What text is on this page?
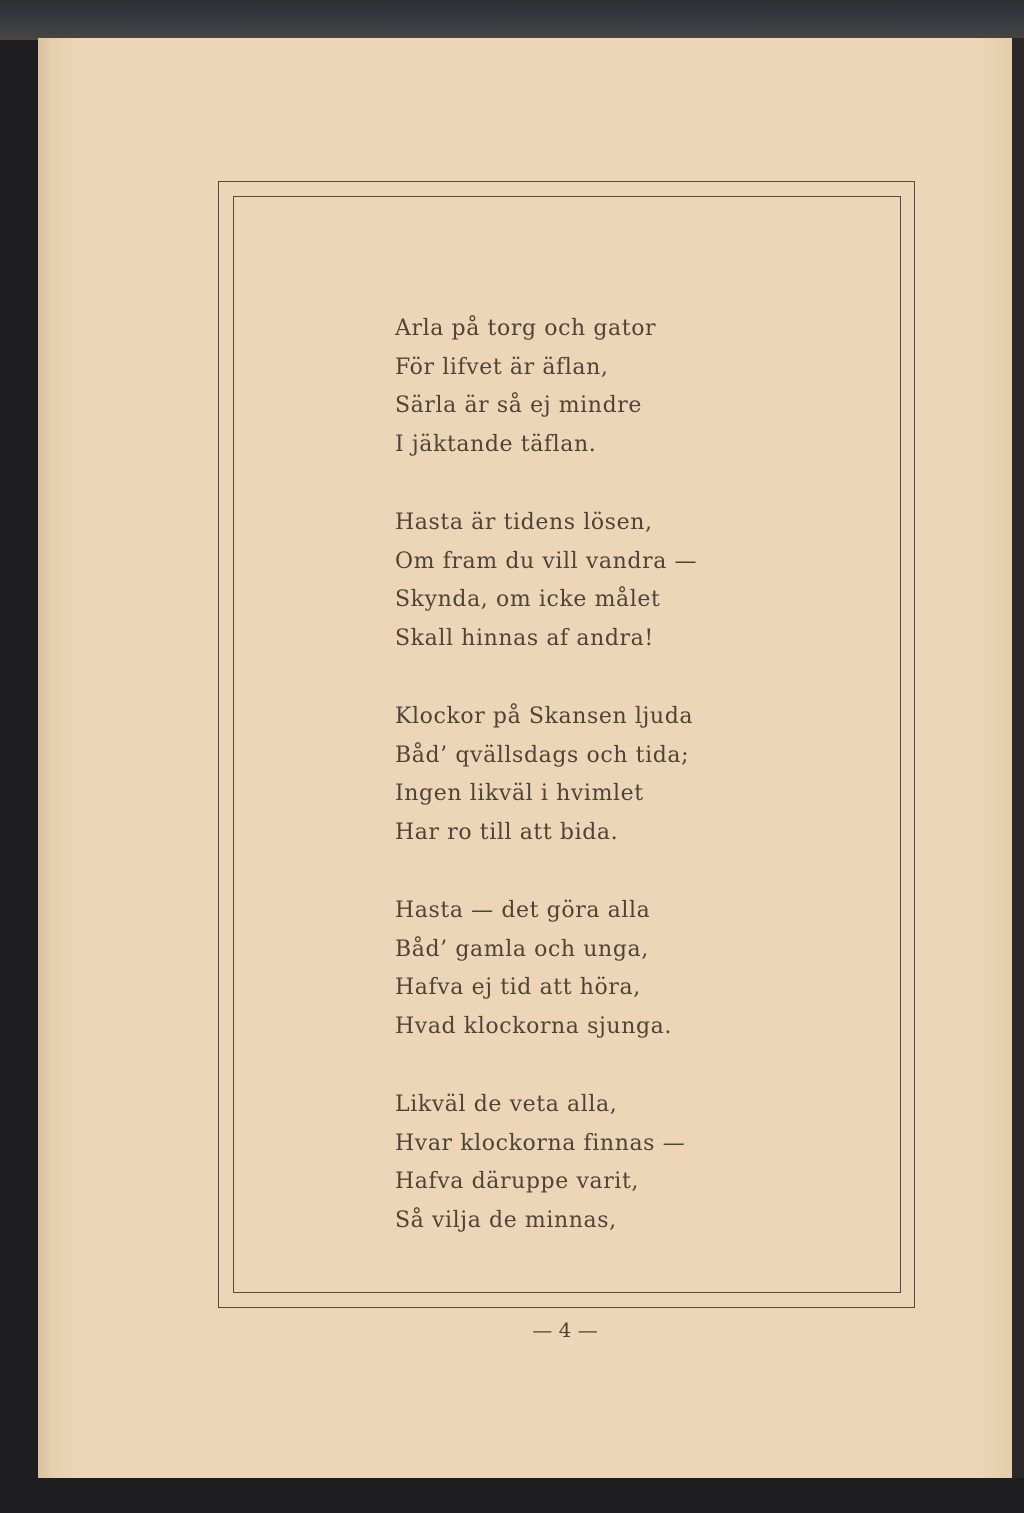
Arla på torg och gator
För lifvet är äflan,
Särla är så ej mindre
I jäktande täflan.
Hasta är tidens lösen,
Om fram du vill vandra —
Skynda, om icke målet
Skall hinnas af andra!
Klockor på Skansen ljuda
Båd’ qvällsdags och tida;
Ingen likväl i hvimlet
Har ro till att bida.
Hasta — det göra alla
Båd’ gamla och unga,
Hafva ej tid att höra,
Hvad klockorna sjunga.
Likväl de veta alla,
Hvar klockorna finnas —
Hafva däruppe varit,
Så vilja de minnas,
— 4 —
